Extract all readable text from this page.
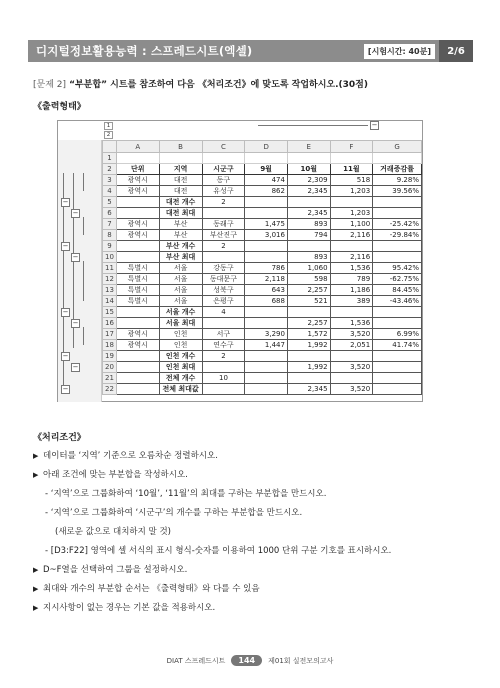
디지털정보활용능력 : 스프레드시트(엑셀)	[시험시간: 40분]	2/6
[문제 2] “부분합” 시트를 참조하여 다음 《처리조건》에 맞도록 작업하시오.(30점)
《출력형태》
1
2
−
−
−
−
−
−
−
−
−
−
	A	B	C	D	E	F	G
1							
2	단위	지역	시군구	9월	10월	11월	거래증감률
3	광역시	대전	동구	474	2,309	518	9.28%
4	광역시	대전	유성구	862	2,345	1,203	39.56%
5		대전 개수	2				
6		대전 최대			2,345	1,203	
7	광역시	부산	동래구	1,475	893	1,100	-25.42%
8	광역시	부산	부산진구	3,016	794	2,116	-29.84%
9		부산 개수	2				
10		부산 최대			893	2,116	
11	특별시	서울	강동구	786	1,060	1,536	95.42%
12	특별시	서울	동대문구	2,118	598	789	-62.75%
13	특별시	서울	성북구	643	2,257	1,186	84.45%
14	특별시	서울	은평구	688	521	389	-43.46%
15		서울 개수	4				
16		서울 최대			2,257	1,536	
17	광역시	인천	서구	3,290	1,572	3,520	6.99%
18	광역시	인천	연수구	1,447	1,992	2,051	41.74%
19		인천 개수	2				
20		인천 최대			1,992	3,520	
21		전체 개수	10				
22		전체 최대값			2,345	3,520	
《처리조건》
▶ 데이터를 ‘지역’ 기준으로 오름차순 정렬하시오.
▶ 아래 조건에 맞는 부분합을 작성하시오.
- ‘지역’으로 그룹화하여 ‘10월’, ‘11월’의 최대를 구하는 부분합을 만드시오.
- ‘지역’으로 그룹화하여 ‘시군구’의 개수를 구하는 부분합을 만드시오.
(새로운 값으로 대치하지 말 것)
- [D3:F22] 영역에 셀 서식의 표시 형식-숫자를 이용하여 1000 단위 구분 기호를 표시하시오.
▶ D~F열을 선택하여 그룹을 설정하시오.
▶ 최대와 개수의 부분합 순서는 《출력형태》와 다를 수 있음
▶ 지시사항이 없는 경우는 기본 값을 적용하시오.
DIAT 스프레드시트	144	제01회 실전모의고사
